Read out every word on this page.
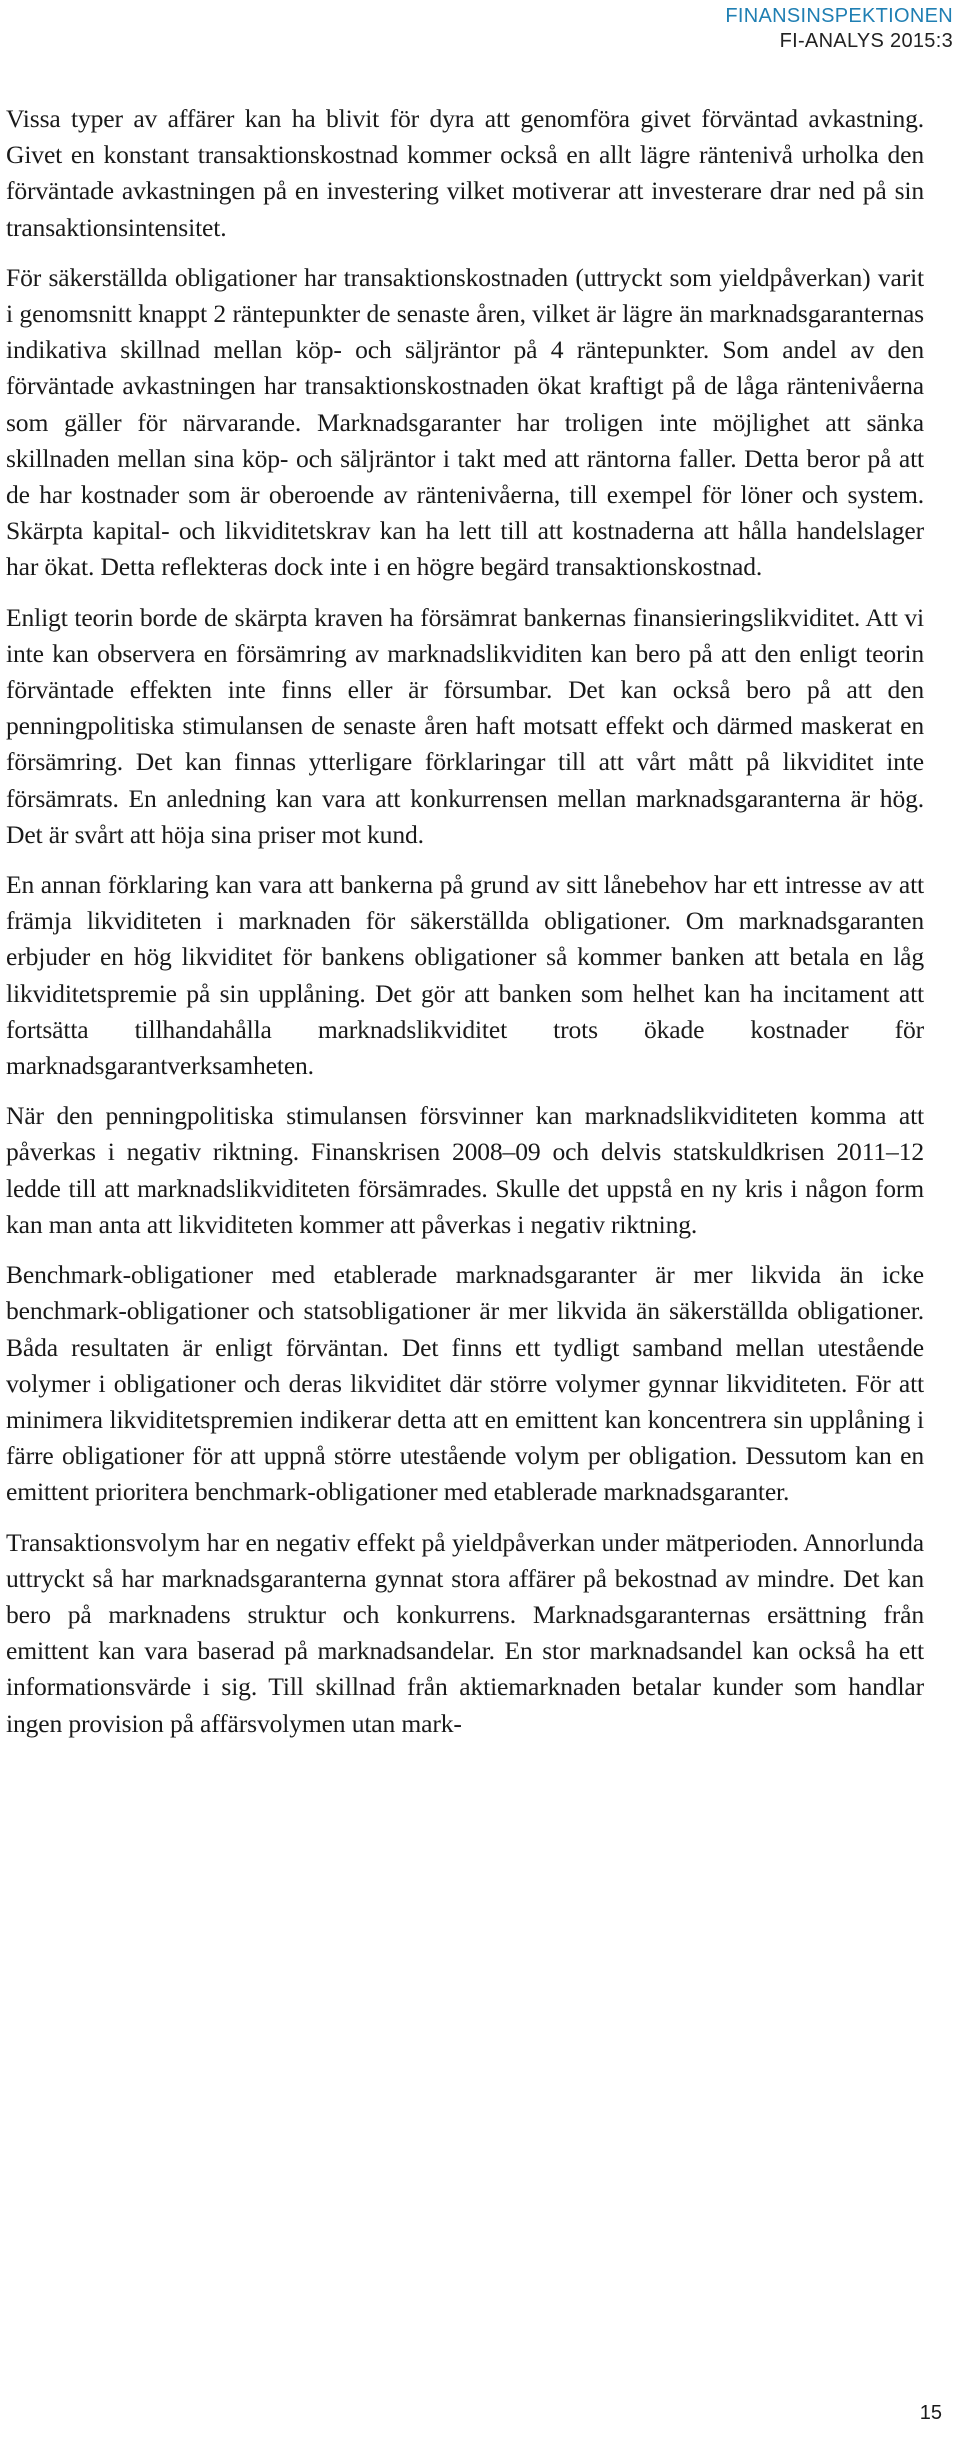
FINANSINSPEKTIONEN
FI-ANALYS 2015:3

Vissa typer av affärer kan ha blivit för dyra att genomföra givet förväntad avkastning. Givet en konstant transaktionskostnad kommer också en allt lägre räntenivå urholka den förväntade avkastningen på en investering vilket motiverar att investerare drar ned på sin transaktionsintensitet.

För säkerställda obligationer har transaktionskostnaden (uttryckt som yieldpåverkan) varit i genomsnitt knappt 2 räntepunkter de senaste åren, vilket är lägre än marknadsgaranternas indikativa skillnad mellan köp- och säljräntor på 4 räntepunkter. Som andel av den förväntade avkastningen har transaktionskostnaden ökat kraftigt på de låga räntenivåerna som gäller för närvarande. Marknadsgaranter har troligen inte möjlighet att sänka skillnaden mellan sina köp- och säljräntor i takt med att räntorna faller. Detta beror på att de har kostnader som är oberoende av räntenivåerna, till exempel för löner och system. Skärpta kapital- och likviditetskrav kan ha lett till att kostnaderna att hålla handelslager har ökat. Detta reflekteras dock inte i en högre begärd transaktionskostnad.

Enligt teorin borde de skärpta kraven ha försämrat bankernas finansieringslikviditet. Att vi inte kan observera en försämring av marknadslikviditen kan bero på att den enligt teorin förväntade effekten inte finns eller är försumbar. Det kan också bero på att den penningpolitiska stimulansen de senaste åren haft motsatt effekt och därmed maskerat en försämring. Det kan finnas ytterligare förklaringar till att vårt mått på likviditet inte försämrats. En anledning kan vara att konkurrensen mellan marknadsgaranterna är hög. Det är svårt att höja sina priser mot kund.

En annan förklaring kan vara att bankerna på grund av sitt lånebehov har ett intresse av att främja likviditeten i marknaden för säkerställda obligationer. Om marknadsgaranten erbjuder en hög likviditet för bankens obligationer så kommer banken att betala en låg likviditetspremie på sin upplåning. Det gör att banken som helhet kan ha incitament att fortsätta tillhandahålla marknadslikviditet trots ökade kostnader för marknadsgarantverksamheten.

När den penningpolitiska stimulansen försvinner kan marknadslikviditeten komma att påverkas i negativ riktning. Finanskrisen 2008–09 och delvis statskuldkrisen 2011–12 ledde till att marknadslikviditeten försämrades. Skulle det uppstå en ny kris i någon form kan man anta att likviditeten kommer att påverkas i negativ riktning.

Benchmark-obligationer med etablerade marknadsgaranter är mer likvida än icke benchmark-obligationer och statsobligationer är mer likvida än säkerställda obligationer. Båda resultaten är enligt förväntan. Det finns ett tydligt samband mellan utestående volymer i obligationer och deras likviditet där större volymer gynnar likviditeten. För att minimera likviditetspremien indikerar detta att en emittent kan koncentrera sin upplåning i färre obligationer för att uppnå större utestående volym per obligation. Dessutom kan en emittent prioritera benchmark-obligationer med etablerade marknadsgaranter.

Transaktionsvolym har en negativ effekt på yieldpåverkan under mätperioden. Annorlunda uttryckt så har marknadsgaranterna gynnat stora affärer på bekostnad av mindre. Det kan bero på marknadens struktur och konkurrens. Marknadsgaranternas ersättning från emittent kan vara baserad på marknadsandelar. En stor marknadsandel kan också ha ett informationsvärde i sig. Till skillnad från aktiemarknaden betalar kunder som handlar ingen provision på affärsvolymen utan mark-

15
